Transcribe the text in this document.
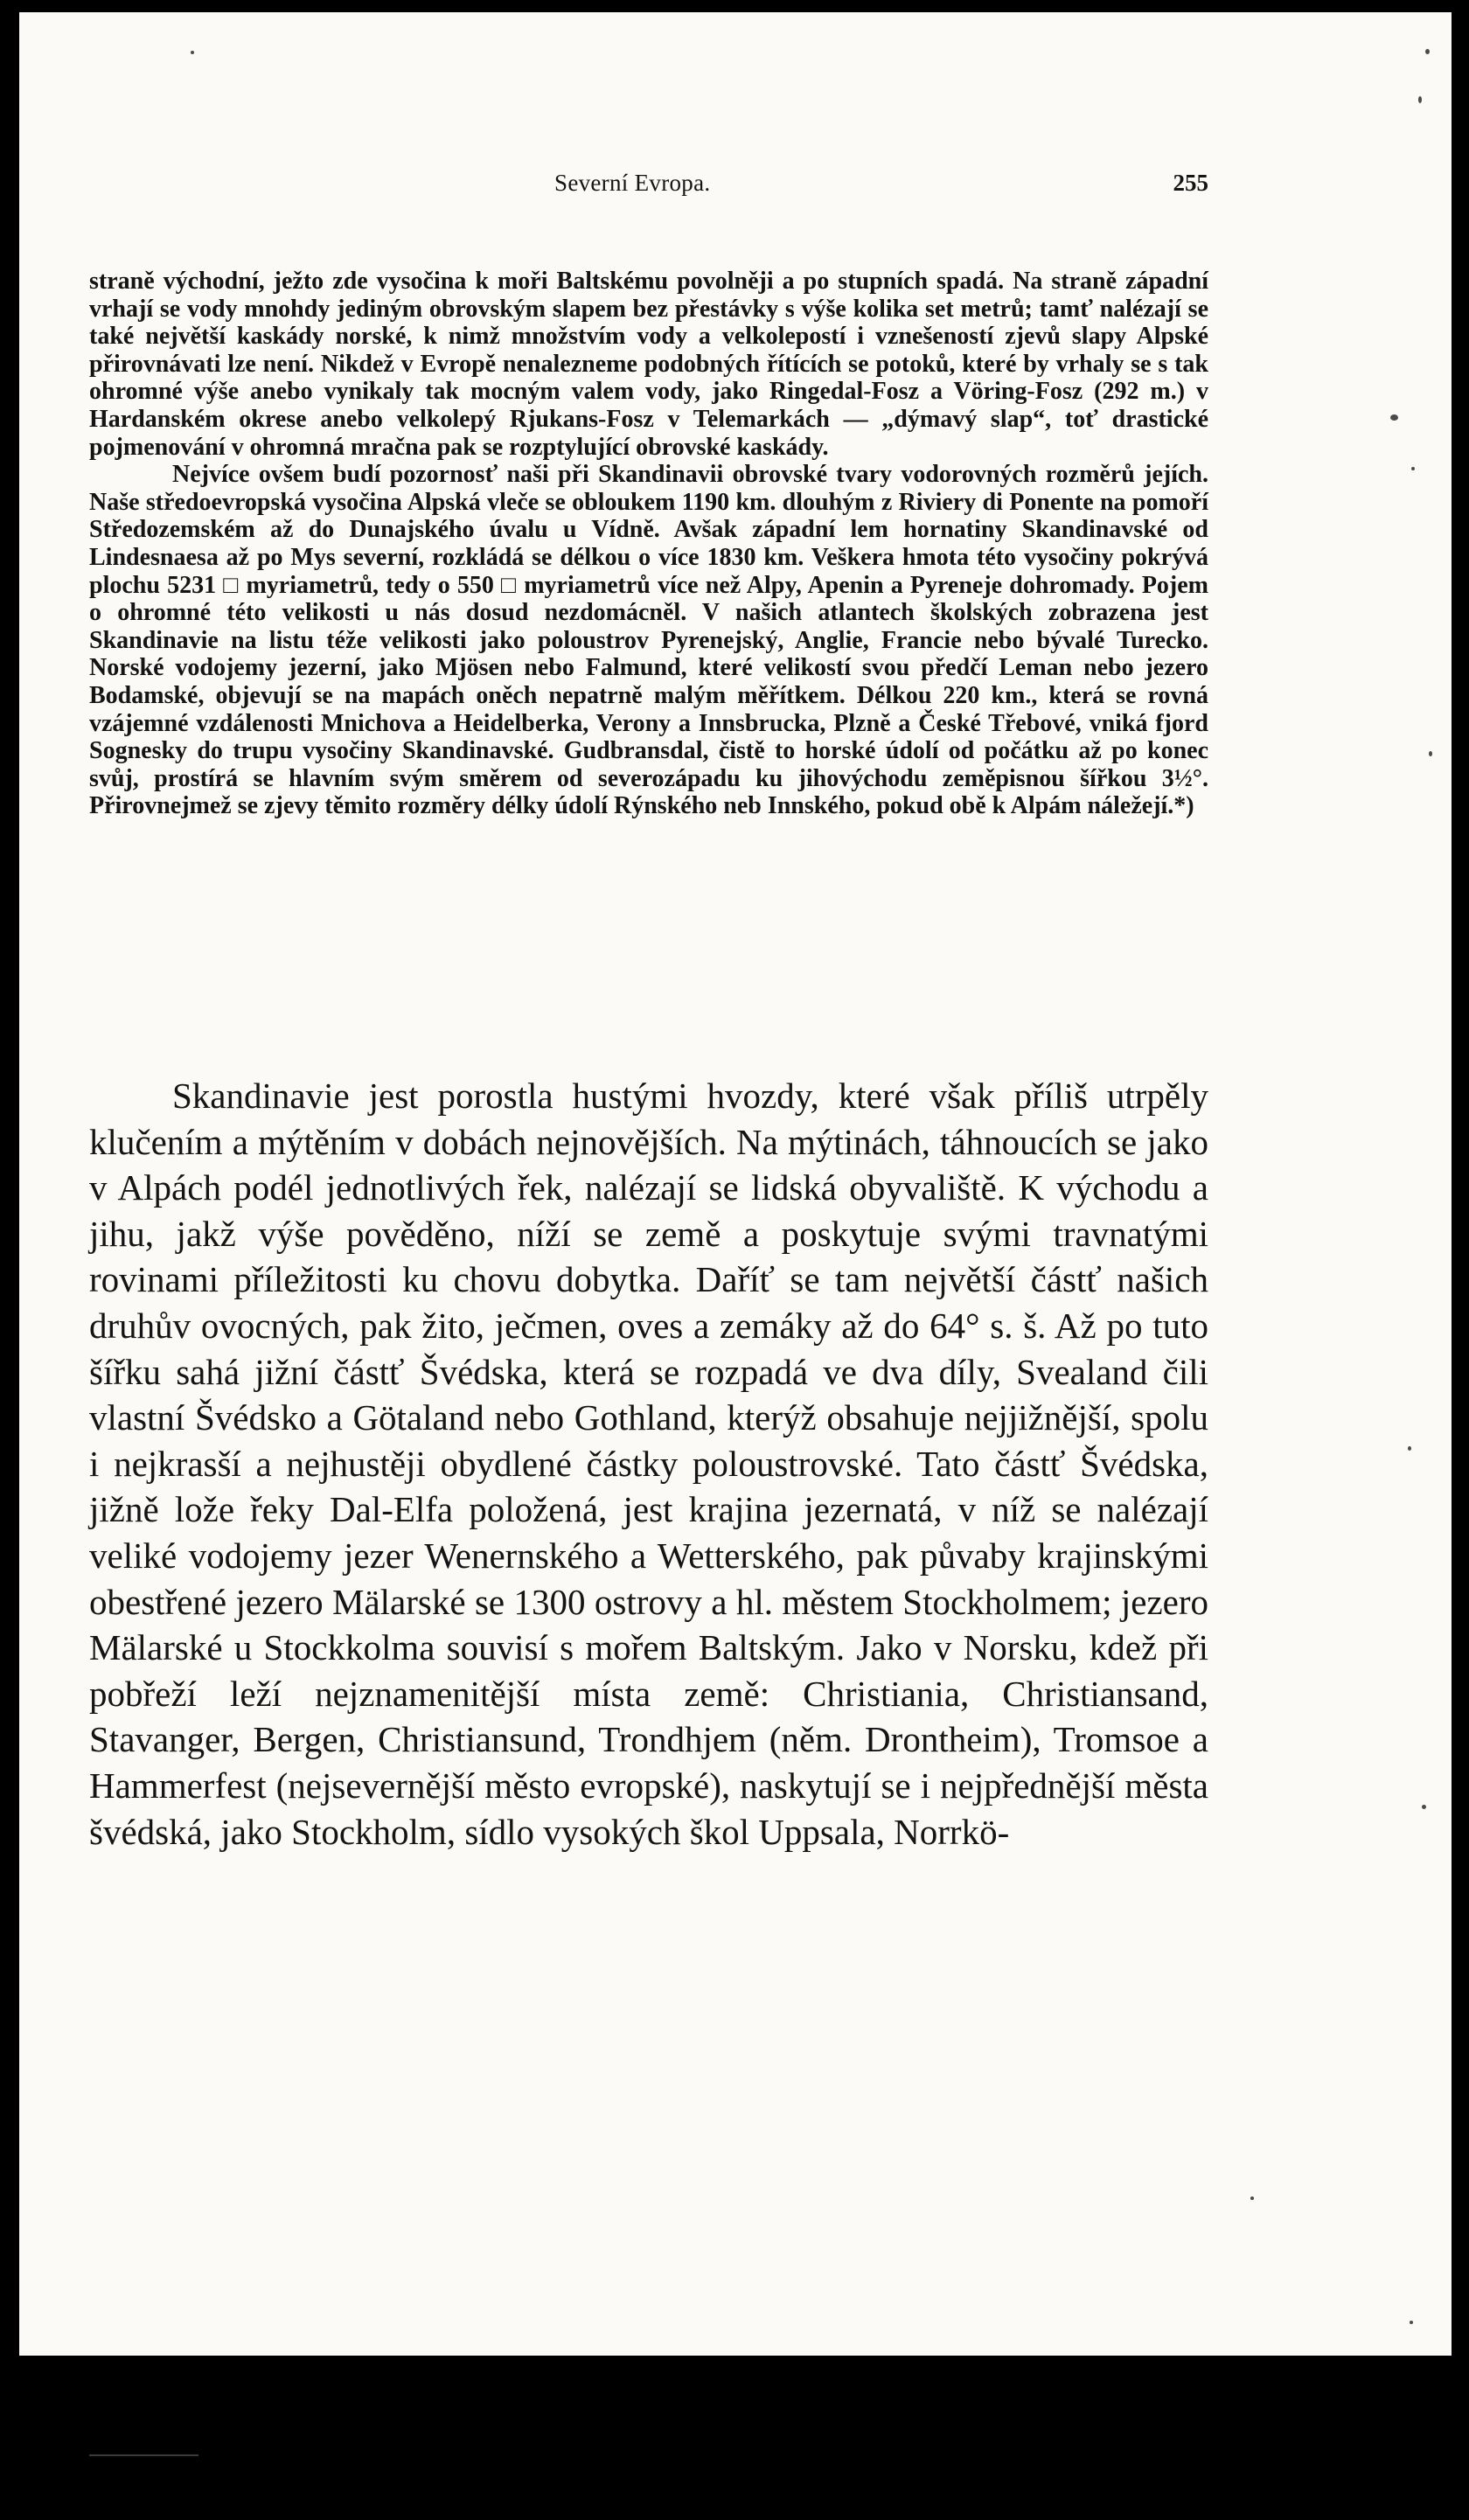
Severní Evropa.	255

straně východní, ježto zde vysočina k moři Baltskému povolněji a po stupních spadá. Na straně západní vrhají se vody mnohdy jediným obrovským slapem bez přestávky s výše kolika set metrů; tamť nalézají se také největší kaskády norské, k nimž množstvím vody a velkolepostí i vznešeností zjevů slapy Alpské přirovnávati lze není. Nikdež v Evropě nenalezneme podobných řítících se potoků, které by vrhaly se s tak ohromné výše anebo vynikaly tak mocným valem vody, jako Ringedal-Fosz a Vöring-Fosz (292 m.) v Hardanském okrese anebo velkolepý Rjukans-Fosz v Telemarkách — „dýmavý slap“, toť drastické pojmenování v ohromná mračna pak se rozptylující obrovské kaskády.

Nejvíce ovšem budí pozornosť naši při Skandinavii obrovské tvary vodorovných rozměrů jejích. Naše středoevropská vysočina Alpská vleče se obloukem 1190 km. dlouhým z Riviery di Ponente na pomoří Středozemském až do Dunajského úvalu u Vídně. Avšak západní lem hornatiny Skandinavské od Lindesnaesa až po Mys severní, rozkládá se délkou o více 1830 km. Veškera hmota této vysočiny pokrývá plochu 5231 □ myriametrů, tedy o 550 □ myriametrů více než Alpy, Apenin a Pyreneje dohromady. Pojem o ohromné této velikosti u nás dosud nezdomácněl. V našich atlantech školských zobrazena jest Skandinavie na listu téže velikosti jako poloustrov Pyrenejský, Anglie, Francie nebo bývalé Turecko. Norské vodojemy jezerní, jako Mjösen nebo Falmund, které velikostí svou předčí Leman nebo jezero Bodamské, objevují se na mapách oněch nepatrně malým měřítkem. Délkou 220 km., která se rovná vzájemné vzdálenosti Mnichova a Heidelberka, Verony a Innsbrucka, Plzně a České Třebové, vniká fjord Sognesky do trupu vysočiny Skandinavské. Gudbransdal, čistě to horské údolí od počátku až po konec svůj, prostírá se hlavním svým směrem od severozápadu ku jihovýchodu zeměpisnou šířkou 3½°. Přirovnejmež se zjevy těmito rozměry délky údolí Rýnského neb Innského, pokud obě k Alpám náležejí.*)

Skandinavie jest porostla hustými hvozdy, které však příliš utrpěly klučením a mýtěním v dobách nejnovějších. Na mýtinách, táhnoucích se jako v Alpách podél jednotlivých řek, nalézají se lidská obyvaliště. K východu a jihu, jakž výše pověděno, níží se země a poskytuje svými travnatými rovinami příležitosti ku chovu dobytka. Daříť se tam největší částť našich druhův ovocných, pak žito, ječmen, oves a zemáky až do 64° s. š. Až po tuto šířku sahá jižní částť Švédska, která se rozpadá ve dva díly, Svealand čili vlastní Švédsko a Götaland nebo Gothland, kterýž obsahuje nejjižnější, spolu i nejkrasší a nejhustěji obydlené částky poloustrovské. Tato částť Švédska, jižně lože řeky Dal-Elfa položená, jest krajina jezernatá, v níž se nalézají veliké vodojemy jezer Wenernského a Wetterského, pak půvaby krajinskými obestřené jezero Mälarské se 1300 ostrovy a hl. městem Stockholmem; jezero Mälarské u Stockkolma souvisí s mořem Baltským. Jako v Norsku, kdež při pobřeží leží nejznamenitější místa země: Christiania, Christiansand, Stavanger, Bergen, Christiansund, Trondhjem (něm. Drontheim), Tromsoe a Hammerfest (nejsevernější město evropské), naskytují se i nejpřednější města švédská, jako Stockholm, sídlo vysokých škol Uppsala, Norrkö-

*) M. Ruth v příloze „Augsb. Allg. Zeitung“ 6. srpna 1876, č. 219.
